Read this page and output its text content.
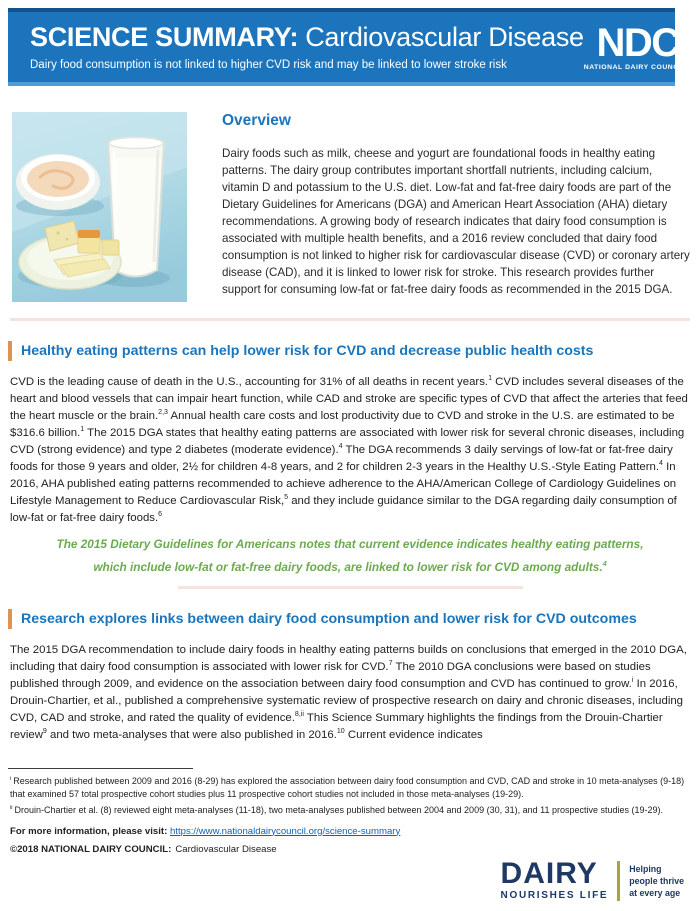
SCIENCE SUMMARY: Cardiovascular Disease

Dairy food consumption is not linked to higher CVD risk and may be linked to lower stroke risk

NDC
NATIONAL DAIRY COUNCIL®
Overview

Dairy foods such as milk, cheese and yogurt are foundational foods in healthy eating patterns. The dairy group contributes important shortfall nutrients, including calcium, vitamin D and potassium to the U.S. diet. Low-fat and fat-free dairy foods are part of the Dietary Guidelines for Americans (DGA) and American Heart Association (AHA) dietary recommendations. A growing body of research indicates that dairy food consumption is associated with multiple health benefits, and a 2016 review concluded that dairy food consumption is not linked to higher risk for cardiovascular disease (CVD) or coronary artery disease (CAD), and it is linked to lower risk for stroke. This research provides further support for consuming low-fat or fat-free dairy foods as recommended in the 2015 DGA.

Healthy eating patterns can help lower risk for CVD and decrease public health costs

CVD is the leading cause of death in the U.S., accounting for 31% of all deaths in recent years.$^1$ CVD includes several diseases of the heart and blood vessels that can impair heart function, while CAD and stroke are specific types of CVD that affect the arteries that feed the heart muscle or the brain.$^{2,3}$ Annual health care costs and lost productivity due to CVD and stroke in the U.S. are estimated to be $316.6 billion.$^1$ The 2015 DGA states that healthy eating patterns are associated with lower risk for several chronic diseases, including CVD (strong evidence) and type 2 diabetes (moderate evidence).$^4$ The DGA recommends 3 daily servings of low-fat or fat-free dairy foods for those 9 years and older, 2½ for children 4-8 years, and 2 for children 2-3 years in the Healthy U.S.-Style Eating Pattern.$^4$ In 2016, AHA published eating patterns recommended to achieve adherence to the AHA/American College of Cardiology Guidelines on Lifestyle Management to Reduce Cardiovascular Risk,$^5$ and they include guidance similar to the DGA regarding daily consumption of low-fat or fat-free dairy foods.$^6$

The 2015 Dietary Guidelines for Americans notes that current evidence indicates healthy eating patterns, which include low-fat or fat-free dairy foods, are linked to lower risk for CVD among adults.$^4$
Research explores links between dairy food consumption and lower risk for CVD outcomes

The 2015 DGA recommendation to include dairy foods in healthy eating patterns builds on conclusions that emerged in the 2010 DGA, including that dairy food consumption is associated with lower risk for CVD.$^7$ The 2010 DGA conclusions were based on studies published through 2009, and evidence on the association between dairy food consumption and CVD has continued to grow.$^i$ In 2016, Drouin-Chartier, et al., published a comprehensive systematic review of prospective research on dairy and chronic diseases, including CVD, CAD and stroke, and rated the quality of evidence.$^{8,ii}$ This Science Summary highlights the findings from the Drouin-Chartier review$^9$ and two meta-analyses that were also published in 2016.10 Current evidence indicates

$^i$ Research published between 2009 and 2016 (8-29) has explored the association between dairy food consumption and CVD, CAD and stroke in 10 meta-analyses (9-18) that examined 57 total prospective cohort studies plus 11 prospective cohort studies not included in those meta-analyses (19-29).

$^{ii}$ Drouin-Chartier et al. (8) reviewed eight meta-analyses (11-18), two meta-analyses published between 2004 and 2009 (30, 31), and 11 prospective studies (19-29).

For more information, please visit: https://www.nationaldairycouncil.org/science-summary

©2018 NATIONAL DAIRY COUNCIL: Cardiovascular Disease

DAIRY
NOURISHES LIFE
Helping
people thrive
at every age
